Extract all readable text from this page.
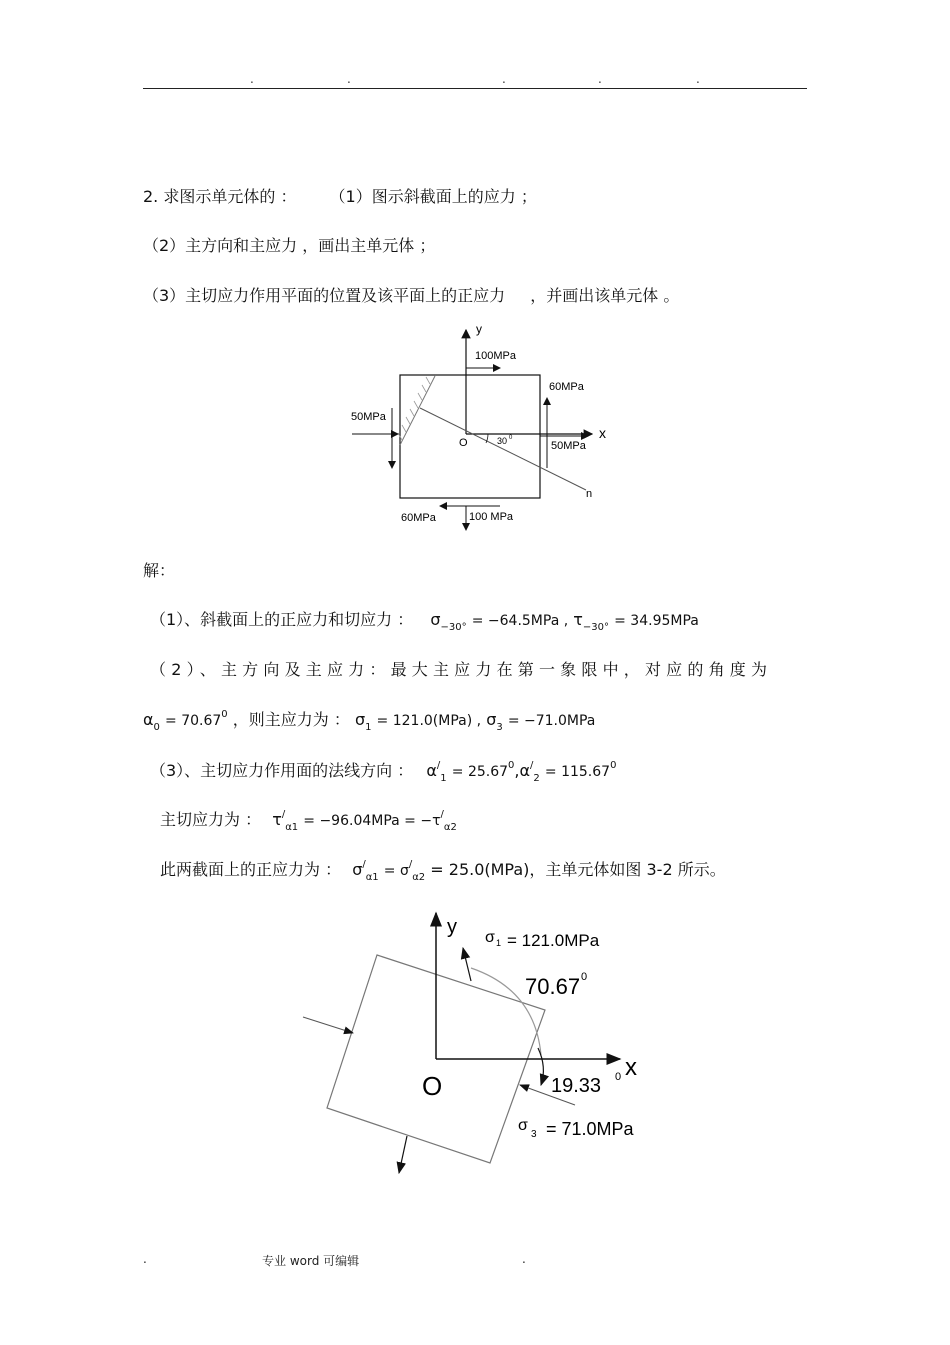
.	.	.	.	.
2. 求图示单元体的 ： （1）图示斜截面上的应力 ；
（2）主方向和主应力 ，画出主单元体 ；
（3）主切应力作用平面的位置及该平面上的正应力 ，并画出该单元体 。
y
x
n
O	30 0
100MPa
60MPa
50MPa
50MPa
60MPa	100 MPa
解：
（1）、斜截面上的正应力和切应力 ： $\sigma_{-30^\circ} = -64.5MPa$ , $\tau_{-30^\circ} = 34.95MPa$
（2）、主方向及主应力：最大主应力在第一象限中，对应的角度为
$\alpha_0 = 70.67^0$ ，则主应力为 ： $\sigma_1 = 121.0(MPa)$ , $\sigma_3 = -71.0MPa$
（3）、主切应力作用面的法线方向 ： $\alpha^/_1 = 25.67^0,\alpha^/_2 = 115.67^0$
主切应力为 ： $\tau^/_{\alpha 1} = -96.04MPa = -\tau^/_{\alpha 2}$
此两截面上的正应力为 ： $\sigma^/_{\alpha 1} = \sigma^/_{\alpha 2} = 25.0(MPa)$，主单元体如图 3-2 所示。
y
x
O
σ 1 = 121.0MPa
70.67 0
19.33 0
σ
3 = 71.0MPa
.	专业 word 可编辑	.
